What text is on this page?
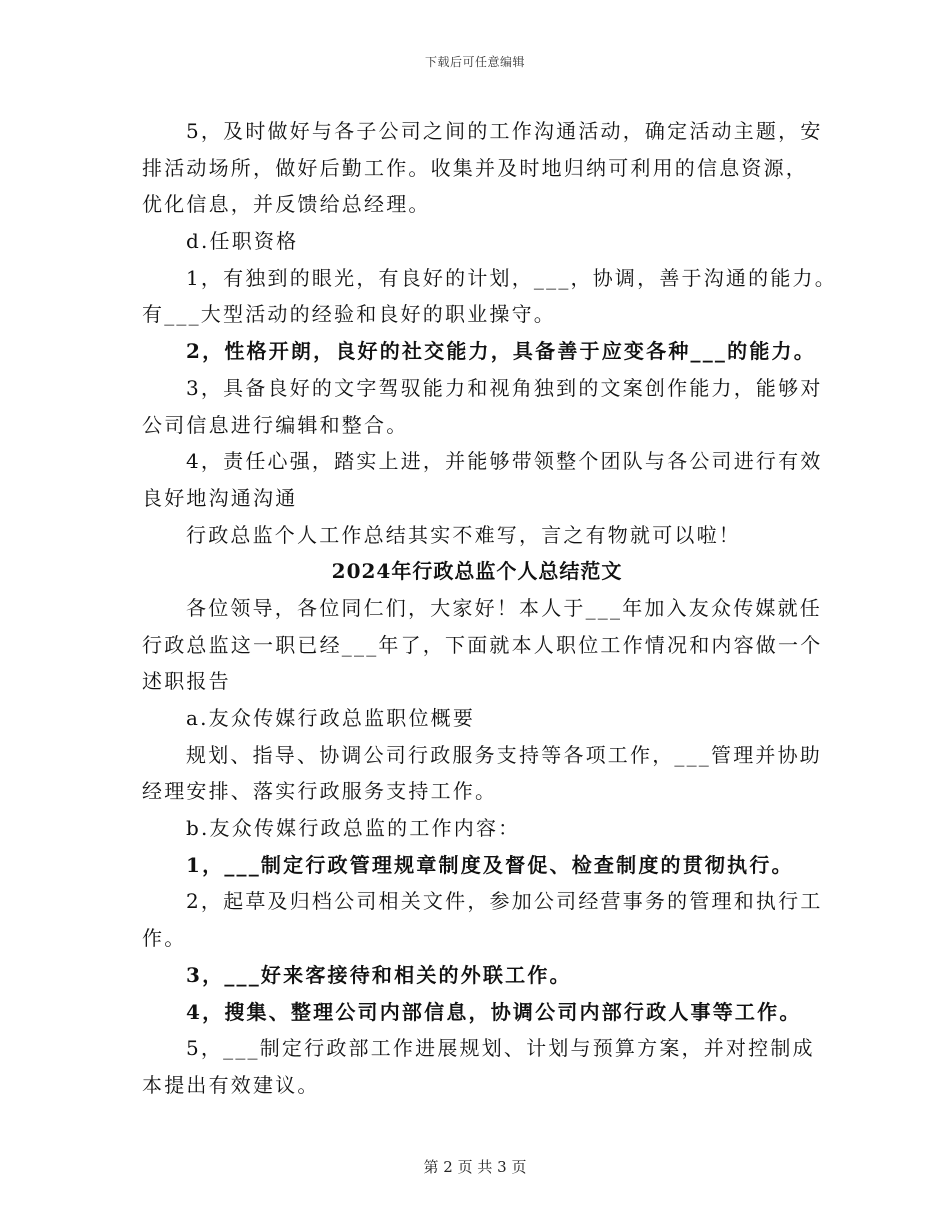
下载后可任意编辑
5，及时做好与各子公司之间的工作沟通活动，确定活动主题，安
排活动场所，做好后勤工作。收集并及时地归纳可利用的信息资源，
优化信息，并反馈给总经理。
d.任职资格
1，有独到的眼光，有良好的计划，___，协调，善于沟通的能力。
有___大型活动的经验和良好的职业操守。
2，性格开朗，良好的社交能力，具备善于应变各种___的能力。
3，具备良好的文字驾驭能力和视角独到的文案创作能力，能够对
公司信息进行编辑和整合。
4，责任心强，踏实上进，并能够带领整个团队与各公司进行有效
良好地沟通沟通
行政总监个人工作总结其实不难写，言之有物就可以啦！
2024年行政总监个人总结范文
各位领导，各位同仁们，大家好！本人于___年加入友众传媒就任
行政总监这一职已经___年了，下面就本人职位工作情况和内容做一个
述职报告
a.友众传媒行政总监职位概要
规划、指导、协调公司行政服务支持等各项工作，___管理并协助
经理安排、落实行政服务支持工作。
b.友众传媒行政总监的工作内容：
1，___制定行政管理规章制度及督促、检查制度的贯彻执行。
2，起草及归档公司相关文件，参加公司经营事务的管理和执行工
作。
3，___好来客接待和相关的外联工作。
4，搜集、整理公司内部信息，协调公司内部行政人事等工作。
5，___制定行政部工作进展规划、计划与预算方案，并对控制成
本提出有效建议。
第 2 页 共 3 页
